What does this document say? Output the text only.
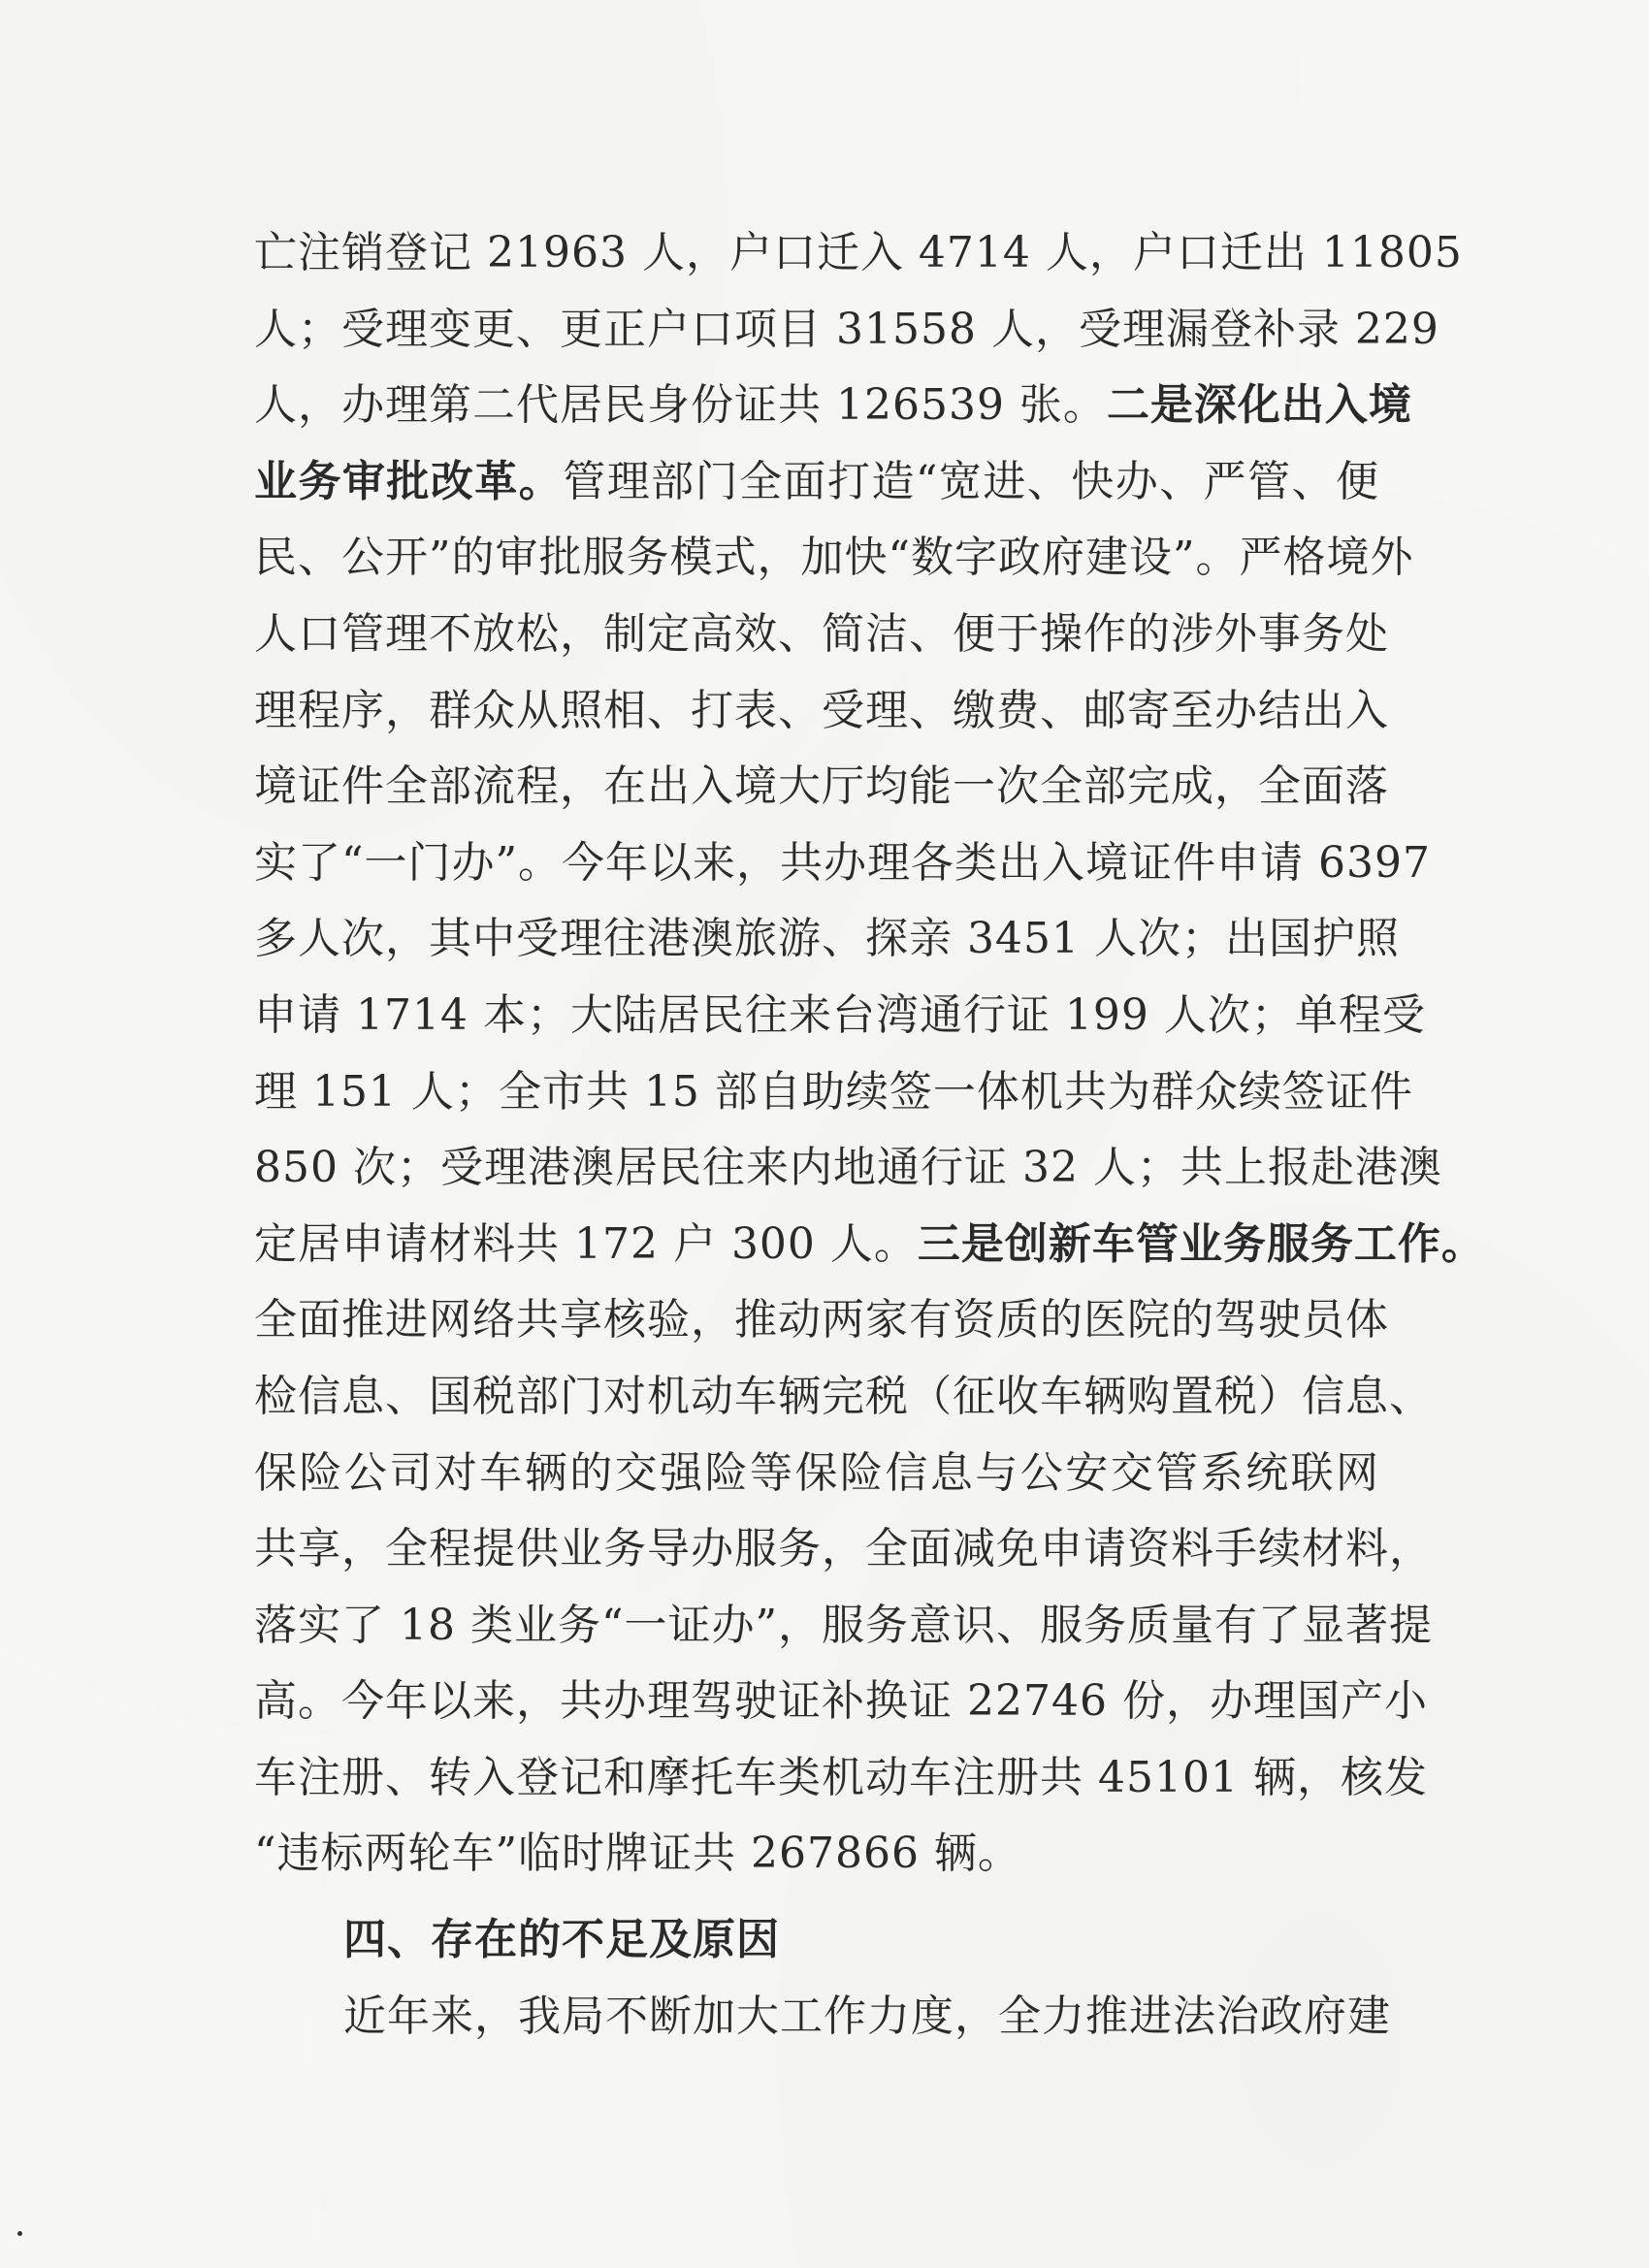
亡注销登记 21963 人，户口迁入 4714 人，户口迁出 11805
人；受理变更、更正户口项目 31558 人，受理漏登补录 229
人，办理第二代居民身份证共 126539 张。二是深化出入境
业务审批改革。管理部门全面打造“宽进、快办、严管、便
民、公开”的审批服务模式，加快“数字政府建设”。严格境外
人口管理不放松，制定高效、简洁、便于操作的涉外事务处
理程序，群众从照相、打表、受理、缴费、邮寄至办结出入
境证件全部流程，在出入境大厅均能一次全部完成，全面落
实了“一门办”。今年以来，共办理各类出入境证件申请 6397
多人次，其中受理往港澳旅游、探亲 3451 人次；出国护照
申请 1714 本；大陆居民往来台湾通行证 199 人次；单程受
理 151 人；全市共 15 部自助续签一体机共为群众续签证件
850 次；受理港澳居民往来内地通行证 32 人；共上报赴港澳
定居申请材料共 172 户 300 人。三是创新车管业务服务工作。
全面推进网络共享核验，推动两家有资质的医院的驾驶员体
检信息、国税部门对机动车辆完税（征收车辆购置税）信息、
保险公司对车辆的交强险等保险信息与公安交管系统联网
共享，全程提供业务导办服务，全面减免申请资料手续材料，
落实了 18 类业务“一证办”，服务意识、服务质量有了显著提
高。今年以来，共办理驾驶证补换证 22746 份，办理国产小
车注册、转入登记和摩托车类机动车注册共 45101 辆，核发
“违标两轮车”临时牌证共 267866 辆。
四、存在的不足及原因
近年来，我局不断加大工作力度，全力推进法治政府建
